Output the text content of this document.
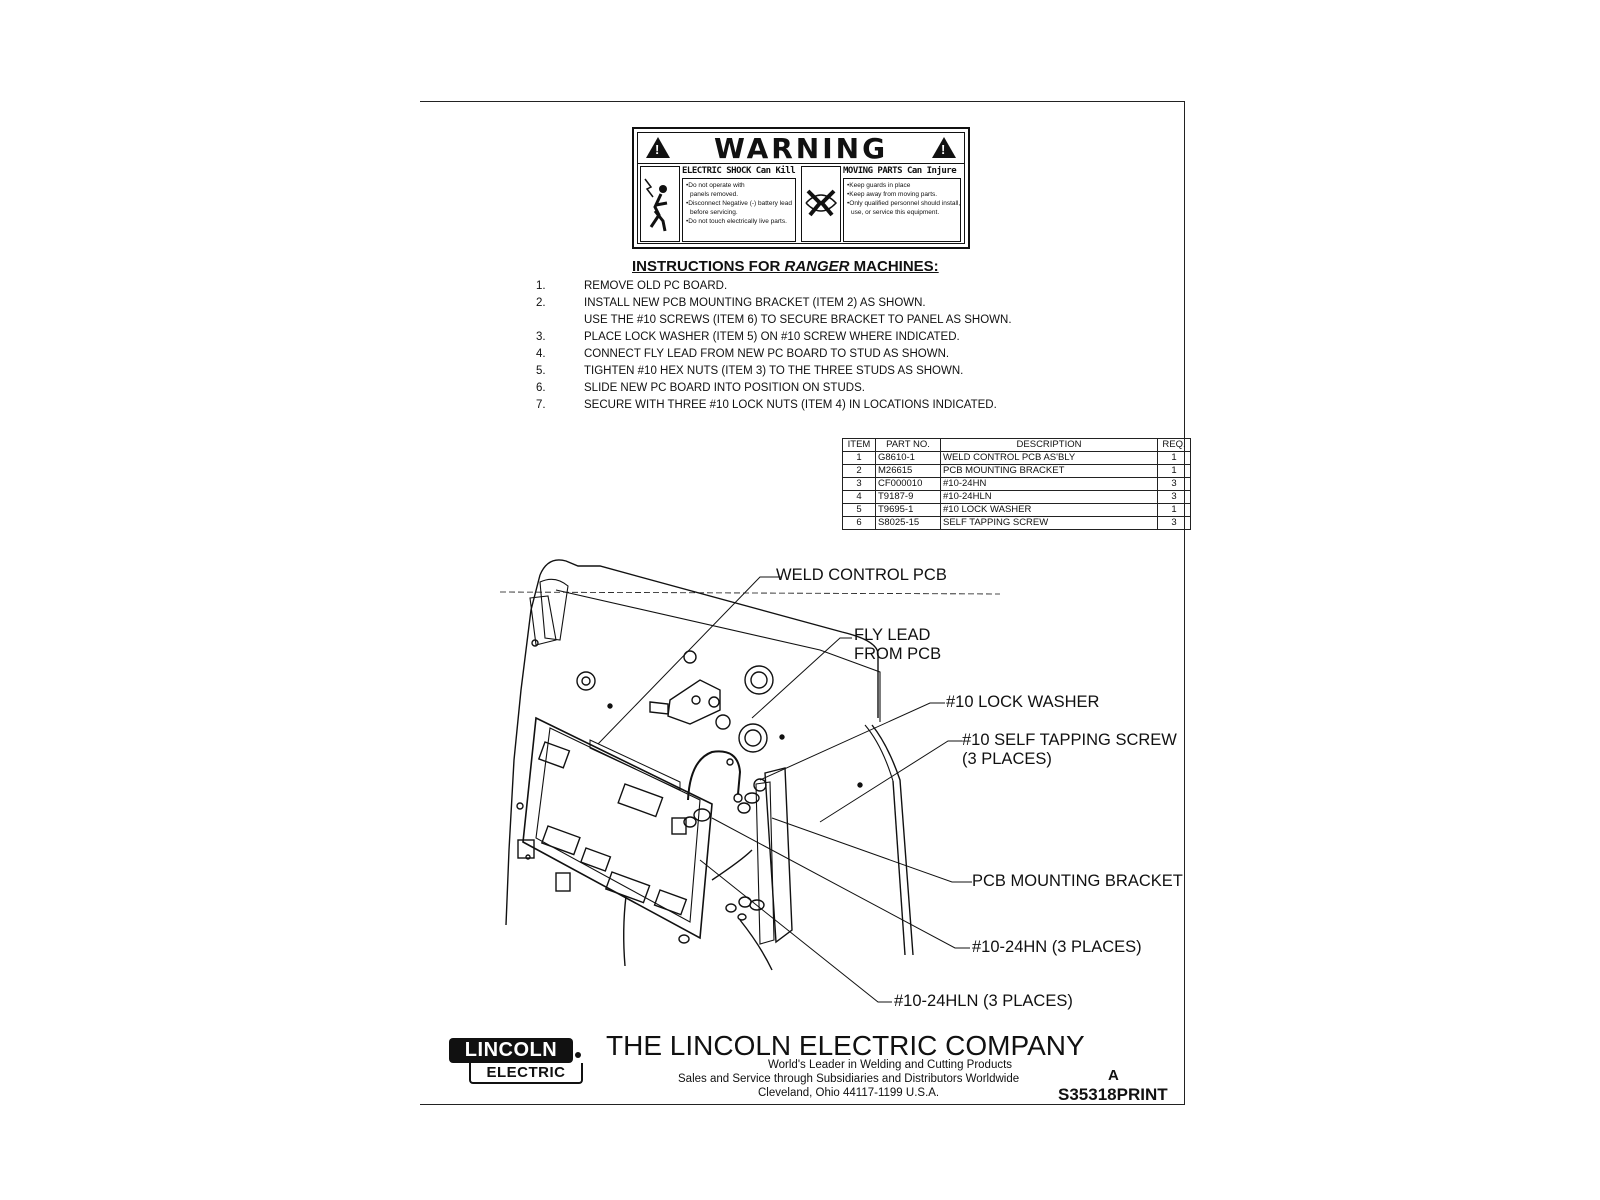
! WARNING	!
ELECTRIC SHOCK Can Kill
•Do not operate with
panels removed.
•Disconnect Negative (-) battery lead
before servicing.
•Do not touch electrically live parts.
MOVING PARTS Can Injure
•Keep guards in place
•Keep away from moving parts.
•Only qualified personnel should install,
use, or service this equipment.
INSTRUCTIONS FOR RANGER MACHINES:
1.	REMOVE OLD PC BOARD.
2.	INSTALL NEW PCB MOUNTING BRACKET (ITEM 2) AS SHOWN.
USE THE #10 SCREWS (ITEM 6) TO SECURE BRACKET TO PANEL AS SHOWN.
3.	PLACE LOCK WASHER (ITEM 5) ON #10 SCREW WHERE INDICATED.
4.	CONNECT FLY LEAD FROM NEW PC BOARD TO STUD AS SHOWN.
5.	TIGHTEN #10 HEX NUTS (ITEM 3) TO THE THREE STUDS AS SHOWN.
6.	SLIDE NEW PC BOARD INTO POSITION ON STUDS.
7.	SECURE WITH THREE #10 LOCK NUTS (ITEM 4) IN LOCATIONS INDICATED.
ITEM	PART NO.	DESCRIPTION	REQ.
1	G8610-1	WELD CONTROL PCB AS'BLY	1
2	M26615	PCB MOUNTING BRACKET	1
3	CF000010	#10-24HN	3
4	T9187-9	#10-24HLN	3
5	T9695-1	#10 LOCK WASHER	1
6	S8025-15	SELF TAPPING SCREW	3
WELD CONTROL PCB
FLY LEAD
FROM PCB
#10 LOCK WASHER
#10 SELF TAPPING SCREW
(3 PLACES)
PCB MOUNTING BRACKET
#10-24HN (3 PLACES)
#10-24HLN (3 PLACES)
LINCOLN
ELECTRIC
THE LINCOLN ELECTRIC COMPANY
World's Leader in Welding and Cutting Products
Sales and Service through Subsidiaries and Distributors Worldwide
Cleveland, Ohio 44117-1199 U.S.A.
A
S35318PRINT
